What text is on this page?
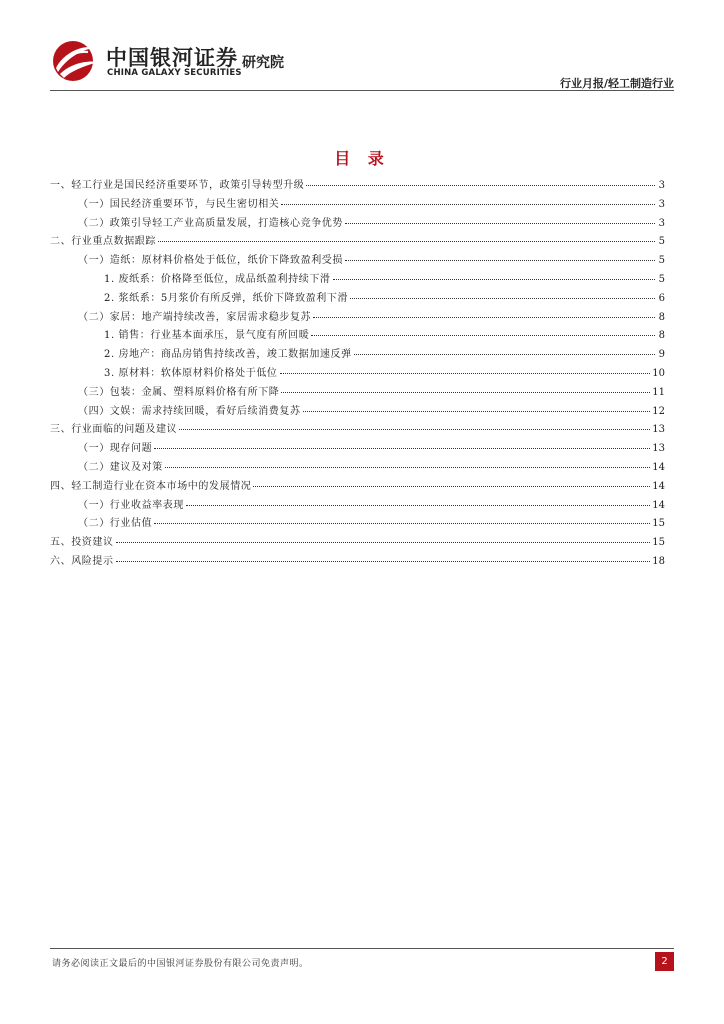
中国银河证券
CHINA GALAXY SECURITIES
研究院
行业月报/轻工制造行业
目 录
一、轻工行业是国民经济重要环节，政策引导转型升级	3
（一）国民经济重要环节，与民生密切相关	3
（二）政策引导轻工产业高质量发展，打造核心竞争优势	3
二、行业重点数据跟踪	5
（一）造纸：原材料价格处于低位，纸价下降致盈利受损	5
1. 废纸系：价格降至低位，成品纸盈利持续下滑	5
2. 浆纸系：5月浆价有所反弹，纸价下降致盈利下滑	6
（二）家居：地产端持续改善，家居需求稳步复苏	8
1. 销售：行业基本面承压，景气度有所回暖	8
2. 房地产：商品房销售持续改善，竣工数据加速反弹	9
3. 原材料：软体原材料价格处于低位	10
（三）包装：金属、塑料原料价格有所下降	11
（四）文娱：需求持续回暖，看好后续消费复苏	12
三、行业面临的问题及建议	13
（一）现存问题	13
（二）建议及对策	14
四、轻工制造行业在资本市场中的发展情况	14
（一）行业收益率表现	14
（二）行业估值	15
五、投资建议	15
六、风险提示	18
请务必阅读正文最后的中国银河证券股份有限公司免责声明。	2
